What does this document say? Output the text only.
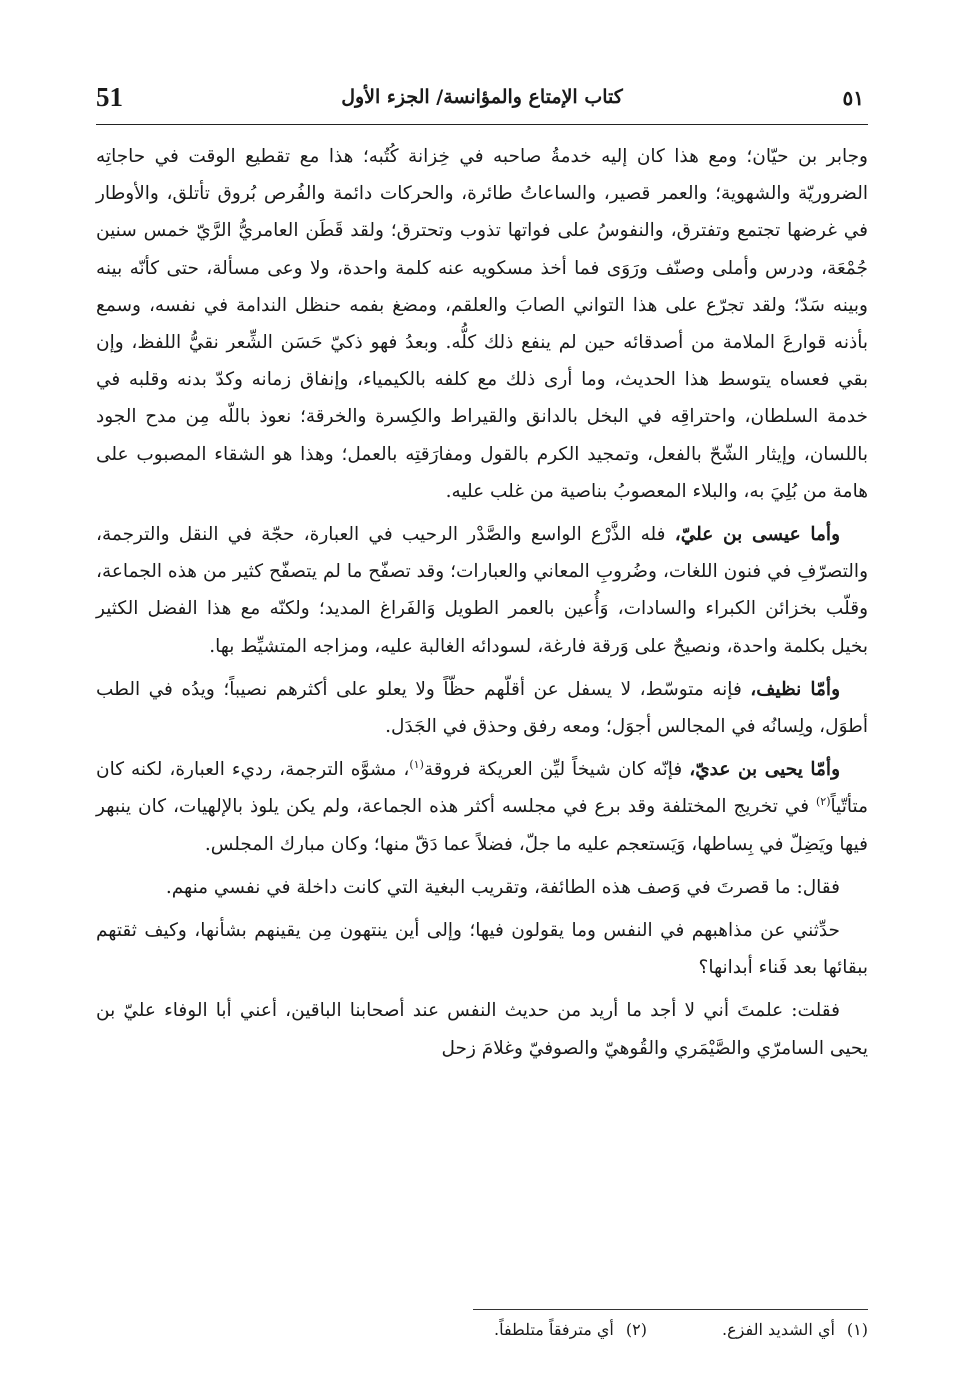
51	كتاب الإمتاع والمؤانسة/ الجزء الأول	٥١

وجابر بن حيّان؛ ومع هذا كان إليه خدمةُ صاحبه في خِزانة كُتُبه؛ هذا مع تقطيع الوقت في حاجاتِه الضروريّة والشهوية؛ والعمر قصير، والساعاتُ طائرة، والحركات دائمة والفُرص بُروق تأتلق، والأوطار في غرضها تجتمع وتفترق، والنفوسُ على فواتها تذوب وتحترق؛ ولقد قَطَن العامريُّ الرَّيّ خمس سنين جُمْعَة، ودرس وأملى وصنّف ورَوَى فما أخذ مسكويه عنه كلمة واحدة، ولا وعى مسألة، حتى كأنّه بينه وبينه سَدّ؛ ولقد تجرّع على هذا التواني الصابَ والعلقم، ومضغ بفمه حنظل الندامة في نفسه، وسمع بأذنه قوارعَ الملامة من أصدقائه حين لم ينفع ذلك كلُّه. وبعدُ فهو ذكيّ حَسَن الشِّعر نقيُّ اللفظ، وإن بقي فعساه يتوسط هذا الحديث، وما أرى ذلك مع كلفه بالكيمياء، وإنفاق زمانه وكدّ بدنه وقلبه في خدمة السلطان، واحتراقِه في البخل بالدانق والقيراط والكِسرة والخرقة؛ نعوذ باللّه مِن مدح الجود باللسان، وإيثار الشّحّ بالفعل، وتمجيد الكرم بالقول ومفارَقتِه بالعمل؛ وهذا هو الشقاء المصبوب على هامة من بُلِيَ به، والبلاء المعصوبُ بناصية من غلب عليه.

وأما عيسى بن عليّ، فله الذَّرْع الواسع والصَّدْر الرحيب في العبارة، حجّة في النقل والترجمة، والتصرّفِ في فنون اللغات، وضُروبِ المعاني والعبارات؛ وقد تصفّح ما لم يتصفّح كثير من هذه الجماعة، وقلّب بخزائن الكبراء والسادات، وَأُعين بالعمر الطويل وَالفَراغ المديد؛ ولكنّه مع هذا الفضل الكثير بخيل بكلمة واحدة، ونصيحٌ على وَرقة فارغة، لسودائه الغالبة عليه، ومزاجه المتشيِّط بها.

وأمّا نظيف، فإنه متوسّط، لا يسفل عن أقلّهم حظّاً ولا يعلو على أكثرهم نصيباً؛ ويدُه في الطب أطوَل، ولِسانُه في المجالس أجوَل؛ ومعه رفق وحذق في الجَدَل.

وأمّا يحيى بن عديّ، فإنّه كان شيخاً ليِّن العريكة فروقة$^{(١)}$، مشوَّه الترجمة، رديء العبارة، لكنه كان متأتّياً$^{(٢)}$ في تخريج المختلفة وقد برع في مجلسه أكثر هذه الجماعة، ولم يكن يلوذ بالإلهيات، كان ينبهر فيها ويَضِلّ في بِساطها، وَيَستعجم عليه ما جلّ، فضلاً عما دَقّ منها؛ وكان مبارك المجلس.

فقال: ما قصرتَ في وَصف هذه الطائفة، وتقريب البغية التي كانت داخلة في نفسي منهم.

حدِّثني عن مذاهبهم في النفس وما يقولون فيها؛ وإلى أين ينتهون مِن يقينهم بشأنها، وكيف ثقتهم ببقائها بعد فَناء أبدانها؟

فقلت: علمتَ أني لا أجد ما أريد من حديث النفس عند أصحابنا الباقين، أعني أبا الوفاء عليّ بن يحيى السامرّي والصَّيْمَري والقُوهيّ والصوفيّ وغلامَ زحل

(١)أي الشديد الفزع. (٢)أي مترفقاً متلطفاً.
